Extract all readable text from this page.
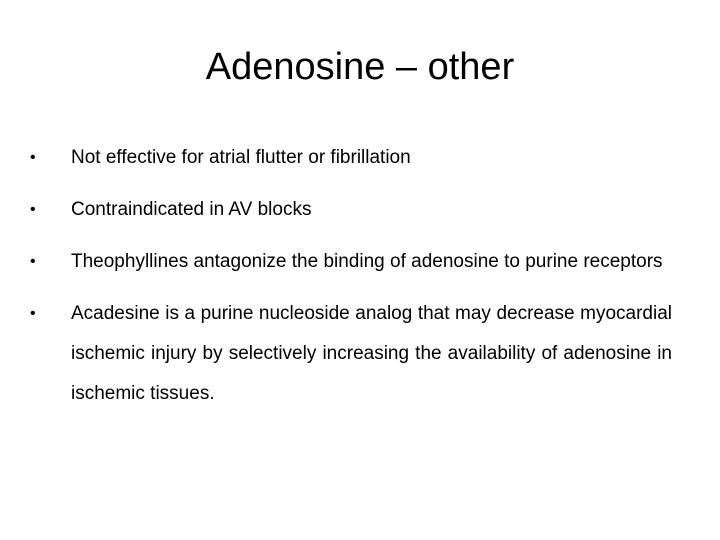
Adenosine – other
•	Not effective for atrial flutter or fibrillation
•	Contraindicated in AV blocks
•	Theophyllines antagonize the binding of adenosine to purine receptors
•	Acadesine is a purine nucleoside analog that may decrease myocardial ischemic injury by selectively increasing the availability of adenosine in ischemic tissues.
